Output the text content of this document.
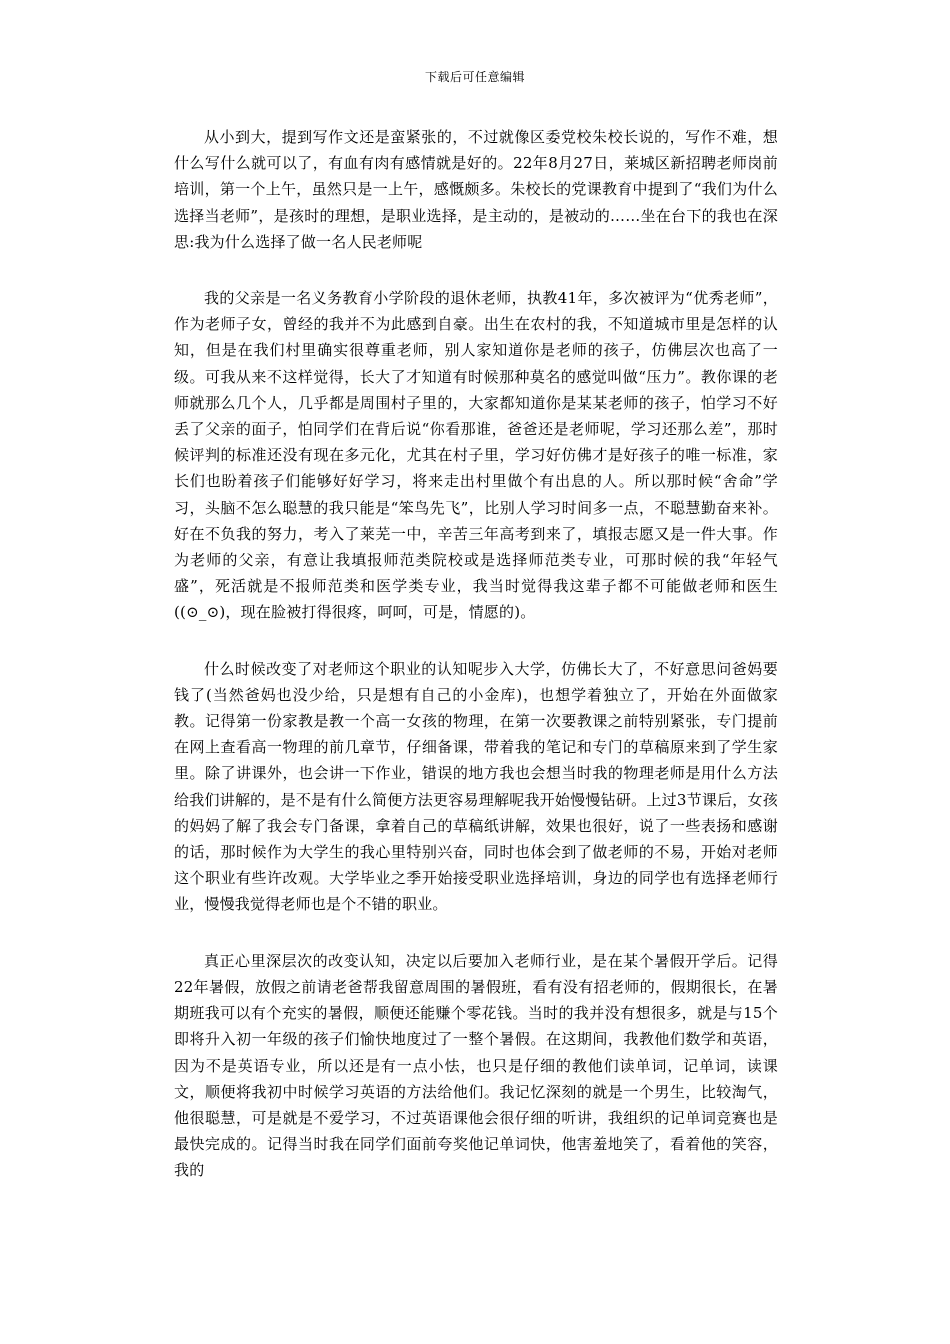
下载后可任意编辑

从小到大，提到写作文还是蛮紧张的，不过就像区委党校朱校长说的，写作不难，想什么写什么就可以了，有血有肉有感情就是好的。22年8月27日，莱城区新招聘老师岗前培训，第一个上午，虽然只是一上午，感慨颇多。朱校长的党课教育中提到了“我们为什么选择当老师”，是孩时的理想，是职业选择，是主动的，是被动的……坐在台下的我也在深思:我为什么选择了做一名人民老师呢

我的父亲是一名义务教育小学阶段的退休老师，执教41年，多次被评为“优秀老师”，作为老师子女，曾经的我并不为此感到自豪。出生在农村的我，不知道城市里是怎样的认知，但是在我们村里确实很尊重老师，别人家知道你是老师的孩子，仿佛层次也高了一级。可我从来不这样觉得，长大了才知道有时候那种莫名的感觉叫做“压力”。教你课的老师就那么几个人，几乎都是周围村子里的，大家都知道你是某某老师的孩子，怕学习不好丢了父亲的面子，怕同学们在背后说“你看那谁，爸爸还是老师呢，学习还那么差”，那时候评判的标准还没有现在多元化，尤其在村子里，学习好仿佛才是好孩子的唯一标准，家长们也盼着孩子们能够好好学习，将来走出村里做个有出息的人。所以那时候“舍命”学习，头脑不怎么聪慧的我只能是“笨鸟先飞”，比别人学习时间多一点，不聪慧勤奋来补。好在不负我的努力，考入了莱芜一中，辛苦三年高考到来了，填报志愿又是一件大事。作为老师的父亲，有意让我填报师范类院校或是选择师范类专业，可那时候的我“年轻气盛”，死活就是不报师范类和医学类专业，我当时觉得我这辈子都不可能做老师和医生((⊙_⊙)，现在脸被打得很疼，呵呵，可是，情愿的)。

什么时候改变了对老师这个职业的认知呢步入大学，仿佛长大了，不好意思问爸妈要钱了(当然爸妈也没少给，只是想有自己的小金库)，也想学着独立了，开始在外面做家教。记得第一份家教是教一个高一女孩的物理，在第一次要教课之前特别紧张，专门提前在网上查看高一物理的前几章节，仔细备课，带着我的笔记和专门的草稿原来到了学生家里。除了讲课外，也会讲一下作业，错误的地方我也会想当时我的物理老师是用什么方法给我们讲解的，是不是有什么简便方法更容易理解呢我开始慢慢钻研。上过3节课后，女孩的妈妈了解了我会专门备课，拿着自己的草稿纸讲解，效果也很好，说了一些表扬和感谢的话，那时候作为大学生的我心里特别兴奋，同时也体会到了做老师的不易，开始对老师这个职业有些许改观。大学毕业之季开始接受职业选择培训，身边的同学也有选择老师行业，慢慢我觉得老师也是个不错的职业。

真正心里深层次的改变认知，决定以后要加入老师行业，是在某个暑假开学后。记得22年暑假，放假之前请老爸帮我留意周围的暑假班，看有没有招老师的，假期很长，在暑期班我可以有个充实的暑假，顺便还能赚个零花钱。当时的我并没有想很多，就是与15个即将升入初一年级的孩子们愉快地度过了一整个暑假。在这期间，我教他们数学和英语，因为不是英语专业，所以还是有一点小怯，也只是仔细的教他们读单词，记单词，读课文，顺便将我初中时候学习英语的方法给他们。我记忆深刻的就是一个男生，比较淘气，他很聪慧，可是就是不爱学习，不过英语课他会很仔细的听讲，我组织的记单词竞赛也是最快完成的。记得当时我在同学们面前夸奖他记单词快，他害羞地笑了，看着他的笑容，我的
